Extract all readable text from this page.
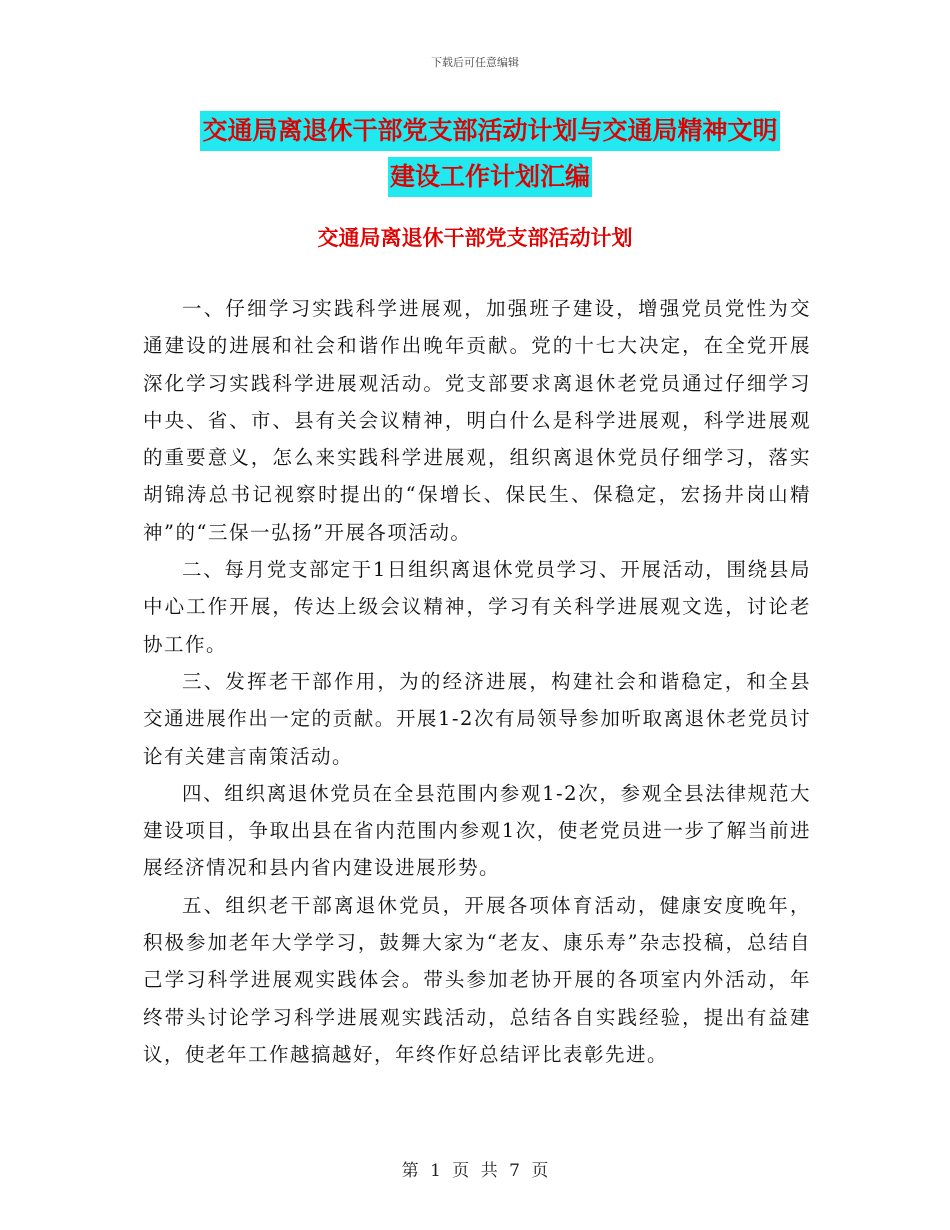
下载后可任意编辑
交通局离退休干部党支部活动计划与交通局精神文明
建设工作计划汇编
交通局离退休干部党支部活动计划

一、仔细学习实践科学进展观，加强班子建设，增强党员党性为交通建设的进展和社会和谐作出晚年贡献。党的十七大决定，在全党开展深化学习实践科学进展观活动。党支部要求离退休老党员通过仔细学习中央、省、市、县有关会议精神，明白什么是科学进展观，科学进展观的重要意义，怎么来实践科学进展观，组织离退休党员仔细学习，落实胡锦涛总书记视察时提出的“保增长、保民生、保稳定，宏扬井岗山精神”的“三保一弘扬”开展各项活动。

二、每月党支部定于1日组织离退休党员学习、开展活动，围绕县局中心工作开展，传达上级会议精神，学习有关科学进展观文选，讨论老协工作。

三、发挥老干部作用，为的经济进展，构建社会和谐稳定，和全县交通进展作出一定的贡献。开展1-2次有局领导参加听取离退休老党员讨论有关建言南策活动。

四、组织离退休党员在全县范围内参观1-2次，参观全县法律规范大建设项目，争取出县在省内范围内参观1次，使老党员进一步了解当前进展经济情况和县内省内建设进展形势。

五、组织老干部离退休党员，开展各项体育活动，健康安度晚年，积极参加老年大学学习，鼓舞大家为“老友、康乐寿”杂志投稿，总结自己学习科学进展观实践体会。带头参加老协开展的各项室内外活动，年终带头讨论学习科学进展观实践活动，总结各自实践经验，提出有益建议，使老年工作越搞越好，年终作好总结评比表彰先进。

第 1 页 共 7 页
